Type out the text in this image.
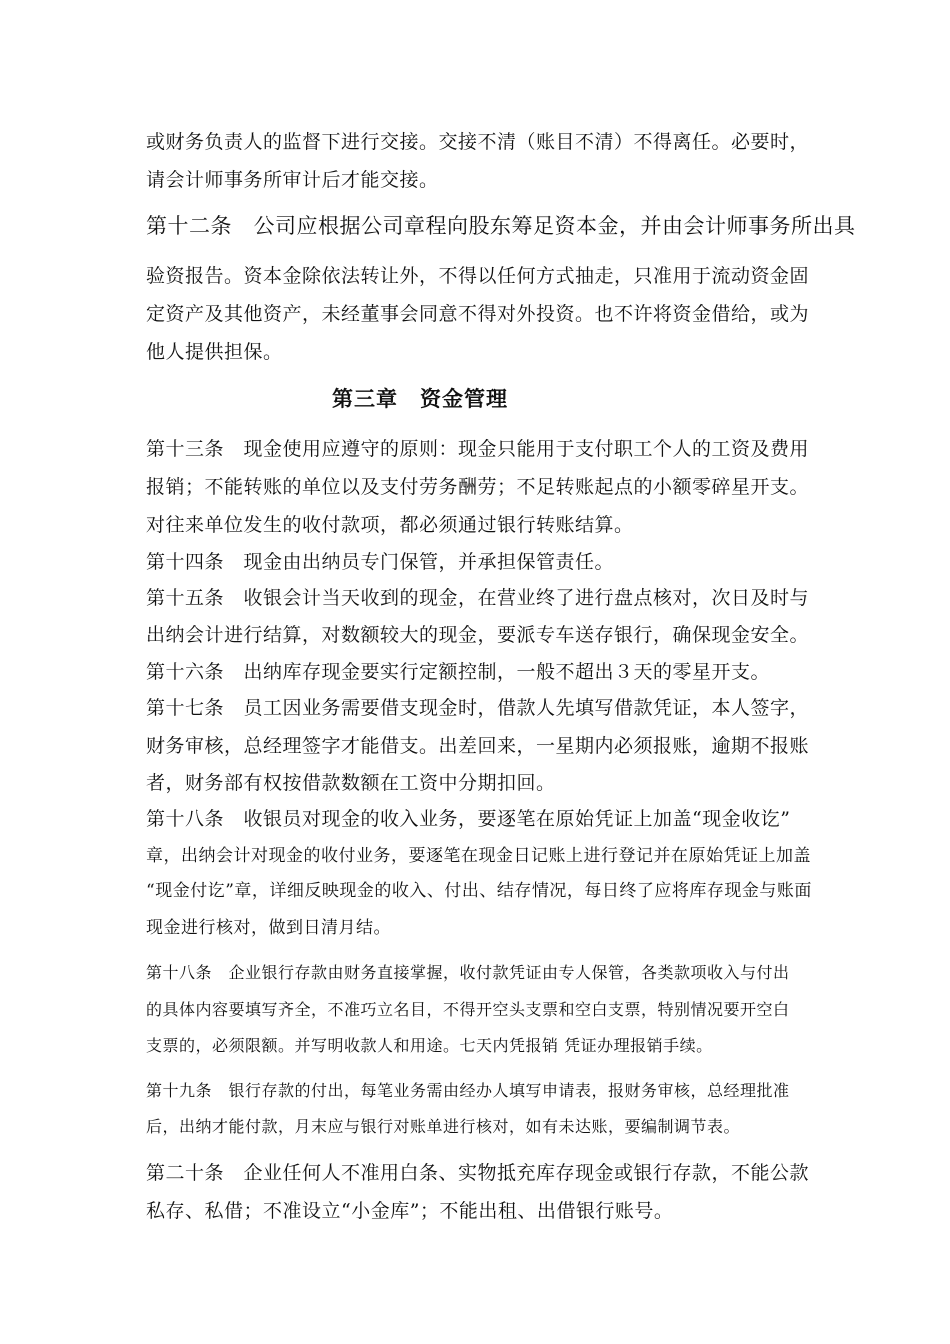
或财务负责人的监督下进行交接。交接不清（账目不清）不得离任。必要时，
请会计师事务所审计后才能交接。
第十二条　公司应根据公司章程向股东筹足资本金，并由会计师事务所出具
验资报告。资本金除依法转让外，不得以任何方式抽走，只准用于流动资金固
定资产及其他资产，未经董事会同意不得对外投资。也不许将资金借给，或为
他人提供担保。
第三章　资金管理
第十三条　现金使用应遵守的原则：现金只能用于支付职工个人的工资及费用
报销；不能转账的单位以及支付劳务酬劳；不足转账起点的小额零碎星开支。
对往来单位发生的收付款项，都必须通过银行转账结算。
第十四条　现金由出纳员专门保管，并承担保管责任。
第十五条　收银会计当天收到的现金，在营业终了进行盘点核对，次日及时与
出纳会计进行结算，对数额较大的现金，要派专车送存银行，确保现金安全。
第十六条　出纳库存现金要实行定额控制，一般不超出３天的零星开支。
第十七条　员工因业务需要借支现金时，借款人先填写借款凭证，本人签字，
财务审核，总经理签字才能借支。出差回来，一星期内必须报账，逾期不报账
者，财务部有权按借款数额在工资中分期扣回。
第十八条　收银员对现金的收入业务，要逐笔在原始凭证上加盖“现金收讫”
章，出纳会计对现金的收付业务，要逐笔在现金日记账上进行登记并在原始凭证上加盖
“现金付讫”章，详细反映现金的收入、付出、结存情况，每日终了应将库存现金与账面
现金进行核对，做到日清月结。
第十八条　企业银行存款由财务直接掌握，收付款凭证由专人保管，各类款项收入与付出
的具体内容要填写齐全，不准巧立名目，不得开空头支票和空白支票，特别情况要开空白
支票的，必须限额。并写明收款人和用途。七天内凭报销 凭证办理报销手续。
第十九条　银行存款的付出，每笔业务需由经办人填写申请表，报财务审核，总经理批准
后，出纳才能付款，月末应与银行对账单进行核对，如有未达账，要编制调节表。
第二十条　企业任何人不准用白条、实物抵充库存现金或银行存款，不能公款
私存、私借；不准设立“小金库”；不能出租、出借银行账号。
